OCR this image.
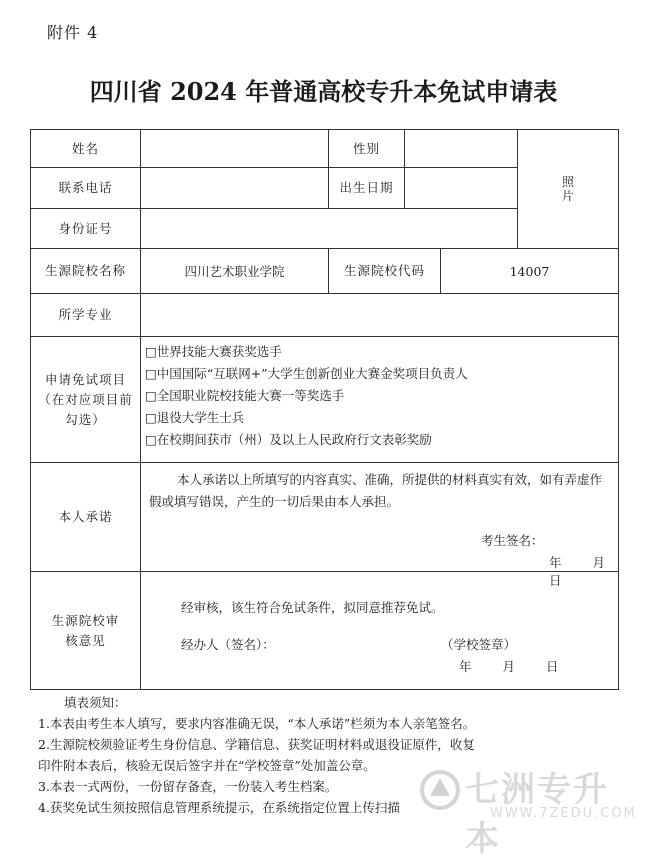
附件 4
四川省 2024 年普通高校专升本免试申请表
姓名		性别			照片

联系电话		出生日期			
身份证号					
生源院校名称	四川艺术职业学院	生源院校代码		14007	
所学专业					
申请免试项目（在对应项目前勾选）	□世界技能大赛获奖选手
□中国国际“互联网+”大学生创新创业大赛金奖项目负责人
□全国职业院校技能大赛一等奖选手
□退役大学生士兵
□在校期间获市（州）及以上人民政府行文表彰奖励				

本人承诺	本人承诺以上所填写的内容真实、准确，所提供的材料真实有效，如有弄虚作假或填写错误，产生的一切后果由本人承担。
考生签名：
年　　月　　日				

生源院校审核意见	经审核，该生符合免试条件，拟同意推荐免试。
经办人（签名）： （学校签章）
年　　月　　日				
填表须知：
1.本表由考生本人填写，要求内容准确无误，“本人承诺”栏须为本人亲笔签名。
2.生源院校须验证考生身份信息、学籍信息、获奖证明材料或退役证原件，收复
印件附本表后，核验无误后签字并在“学校签章”处加盖公章。
3.本表一式两份，一份留存备查，一份装入考生档案。
4.获奖免试生须按照信息管理系统提示，在系统指定位置上传扫描	七洲专升本
WWW.7ZEDU.COM
